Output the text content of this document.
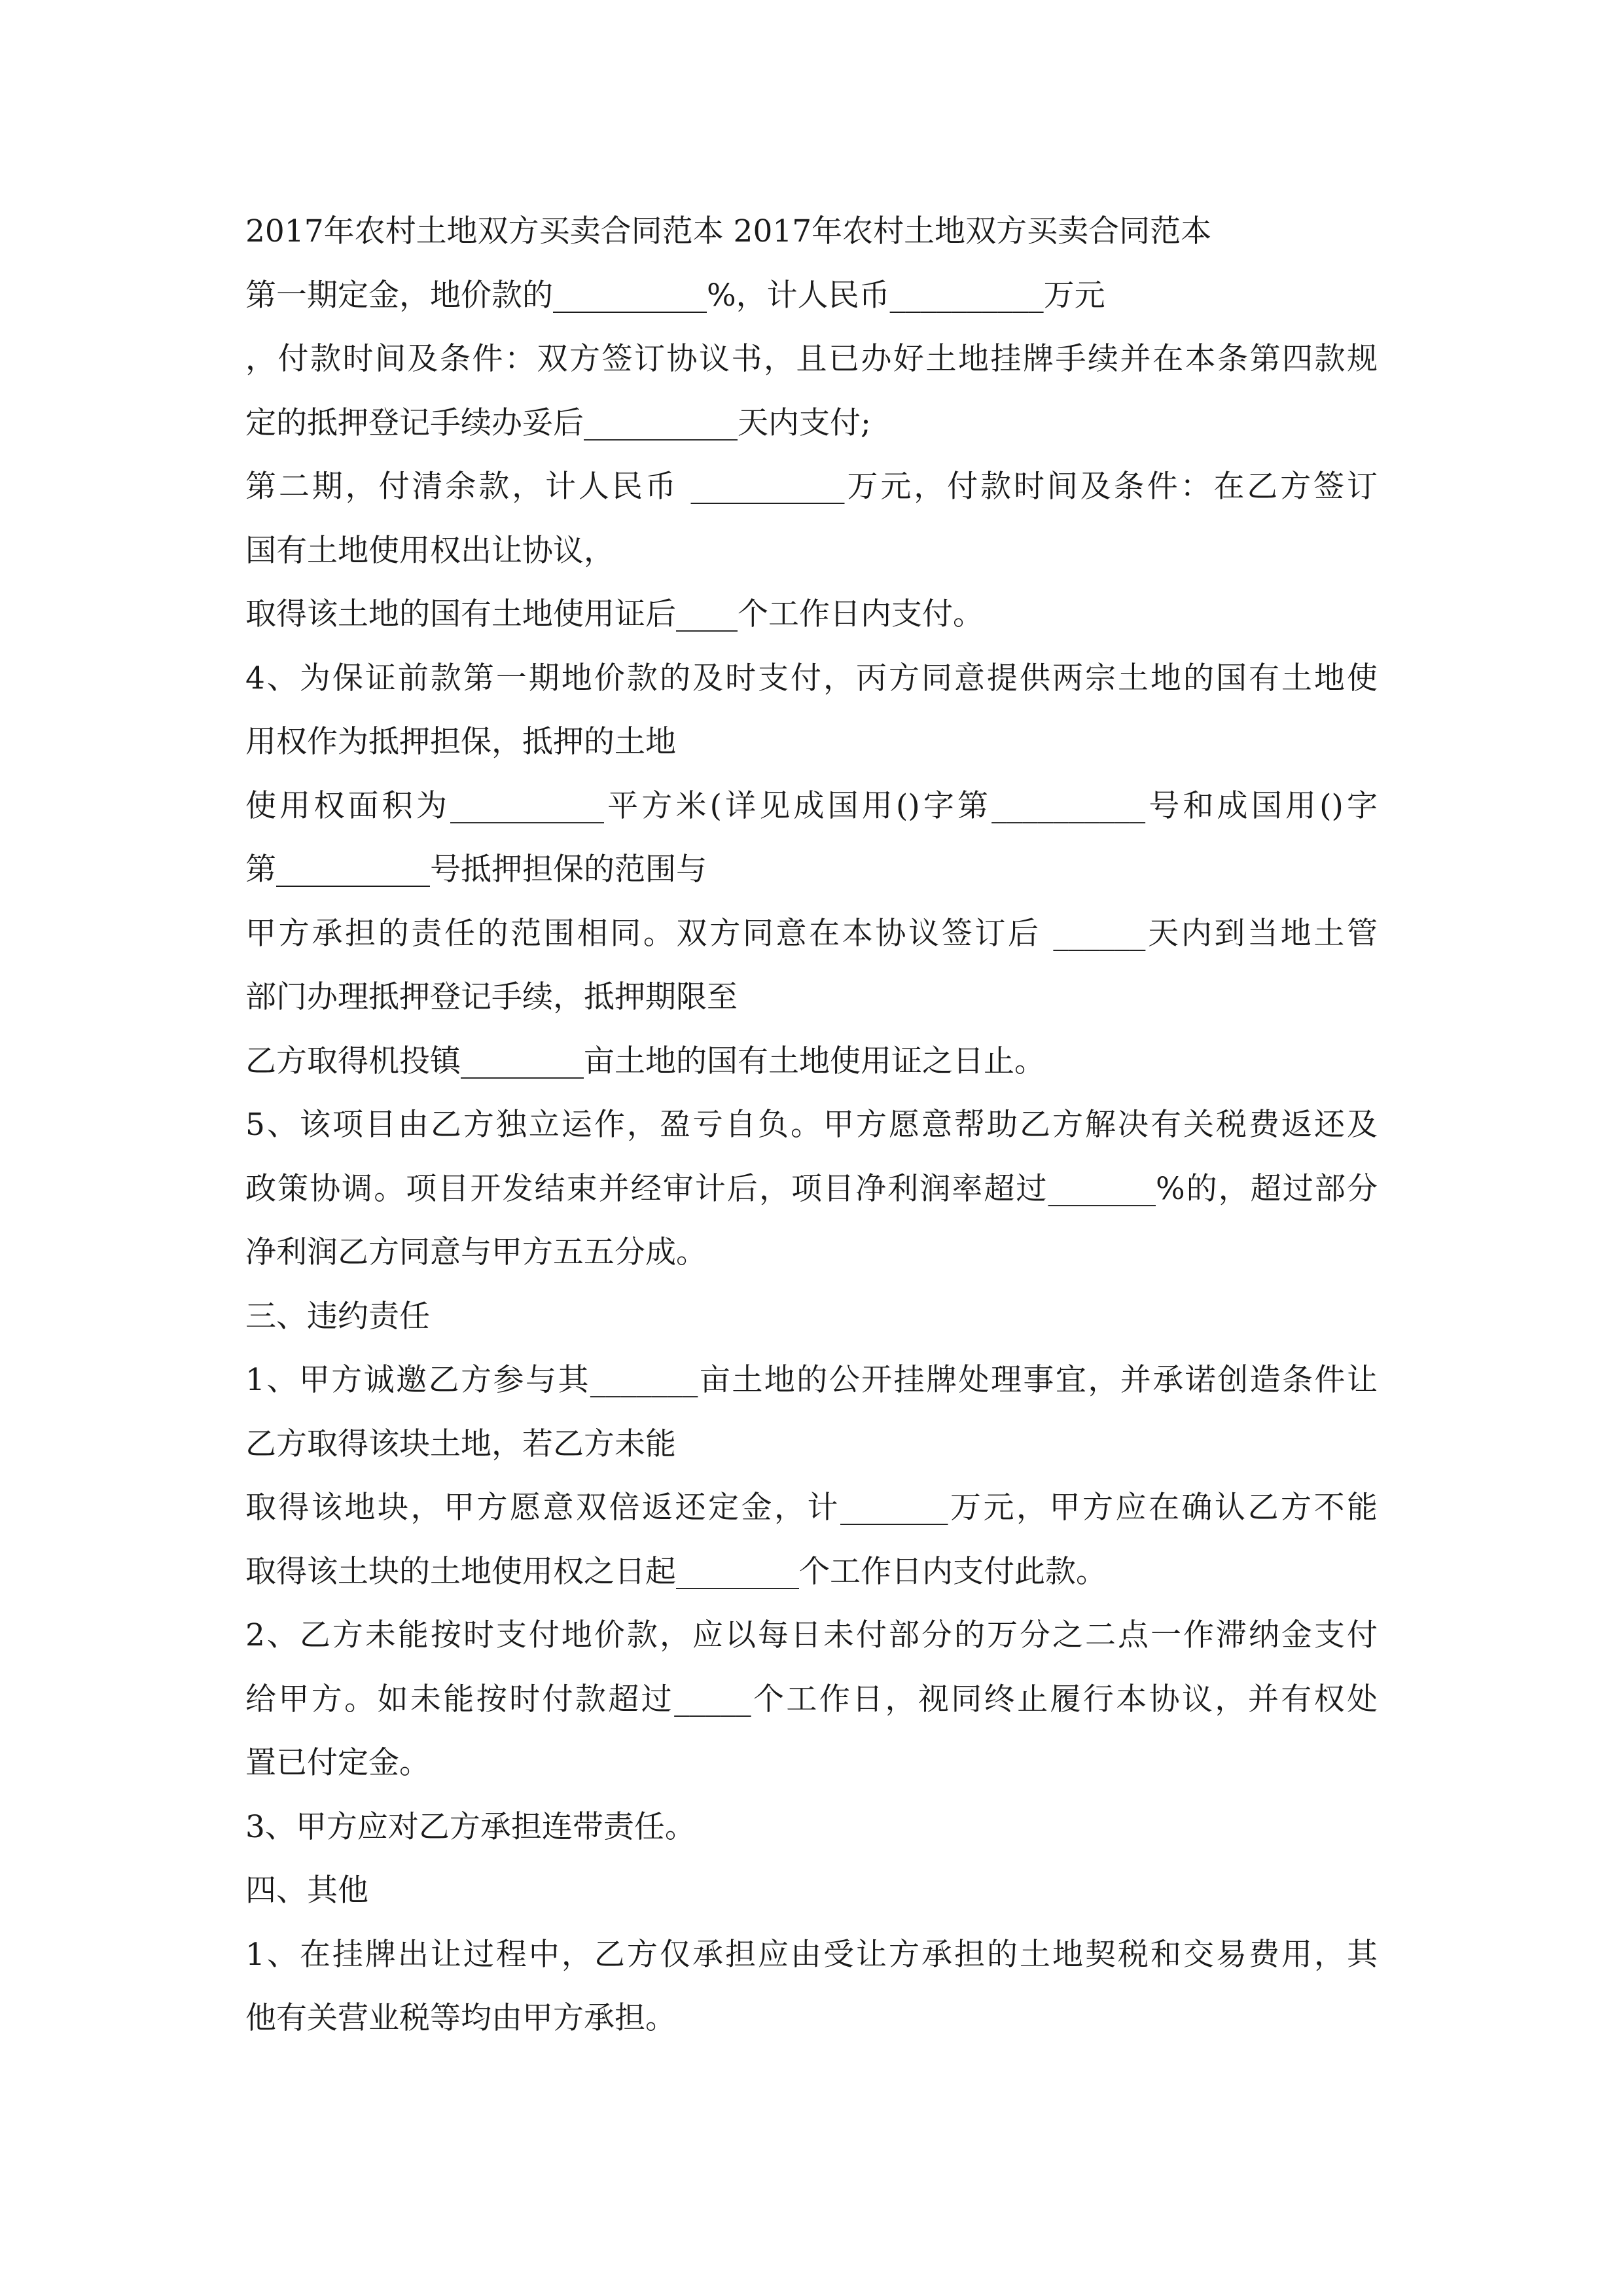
2017年农村土地双方买卖合同范本 2017年农村土地双方买卖合同范本
第一期定金，地价款的__________%，计人民币__________万元
，付款时间及条件：双方签订协议书，且已办好土地挂牌手续并在本条第四款规
定的抵押登记手续办妥后__________天内支付;
第二期，付清余款，计人民币 __________万元，付款时间及条件：在乙方签订
国有土地使用权出让协议，
取得该土地的国有土地使用证后____个工作日内支付。
4、为保证前款第一期地价款的及时支付，丙方同意提供两宗土地的国有土地使
用权作为抵押担保，抵押的土地
使用权面积为__________平方米(详见成国用()字第__________号和成国用()字
第__________号抵押担保的范围与
甲方承担的责任的范围相同。双方同意在本协议签订后 ______天内到当地土管
部门办理抵押登记手续，抵押期限至
乙方取得机投镇________亩土地的国有土地使用证之日止。
5、该项目由乙方独立运作，盈亏自负。甲方愿意帮助乙方解决有关税费返还及
政策协调。项目开发结束并经审计后，项目净利润率超过_______%的，超过部分
净利润乙方同意与甲方五五分成。
三、违约责任
1、甲方诚邀乙方参与其_______亩土地的公开挂牌处理事宜，并承诺创造条件让
乙方取得该块土地，若乙方未能
取得该地块，甲方愿意双倍返还定金，计_______万元，甲方应在确认乙方不能
取得该土块的土地使用权之日起________个工作日内支付此款。
2、乙方未能按时支付地价款，应以每日未付部分的万分之二点一作滞纳金支付
给甲方。如未能按时付款超过_____个工作日，视同终止履行本协议，并有权处
置已付定金。
3、甲方应对乙方承担连带责任。
四、其他
1、在挂牌出让过程中，乙方仅承担应由受让方承担的土地契税和交易费用，其
他有关营业税等均由甲方承担。
